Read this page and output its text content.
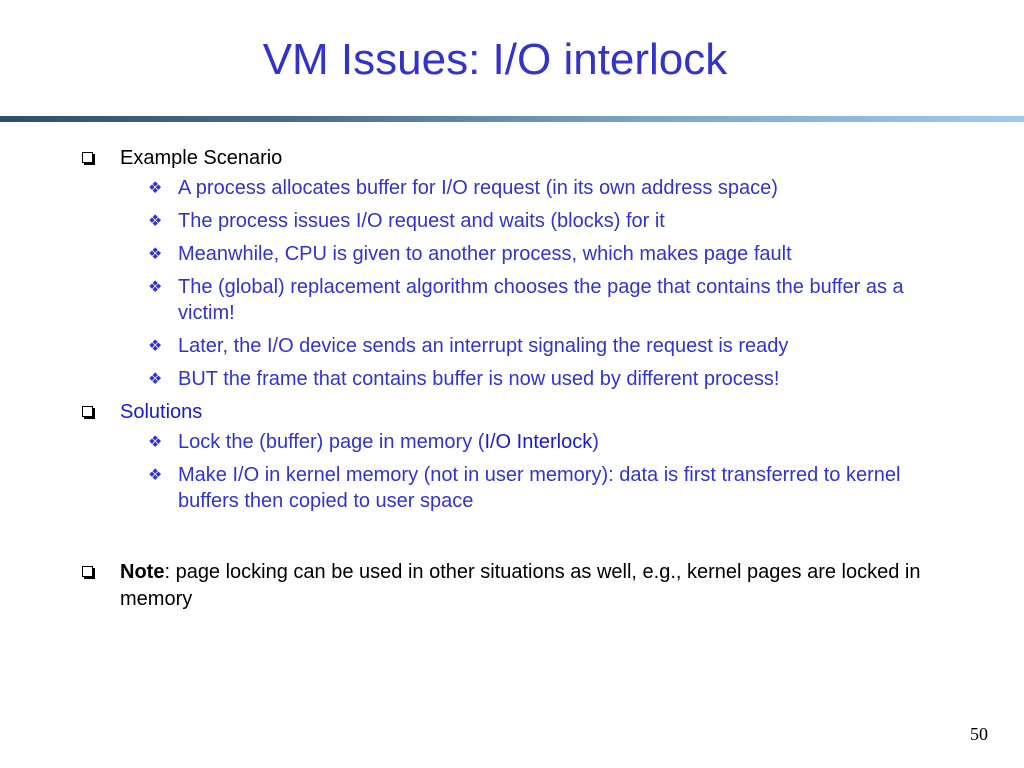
VM Issues: I/O interlock
Example Scenario
❖ A process allocates buffer for I/O request (in its own address space)
❖ The process issues I/O request and waits (blocks) for it
❖ Meanwhile, CPU is given to another process, which makes page fault
❖ The (global) replacement algorithm chooses the page that contains the buffer as a victim!
❖ Later, the I/O device sends an interrupt signaling the request is ready
❖ BUT the frame that contains buffer is now used by different process!
Solutions
❖ Lock the (buffer) page in memory (I/O Interlock)
❖ Make I/O in kernel memory (not in user memory): data is first transferred to kernel buffers then copied to user space
Note: page locking can be used in other situations as well, e.g., kernel pages are locked in memory
50
